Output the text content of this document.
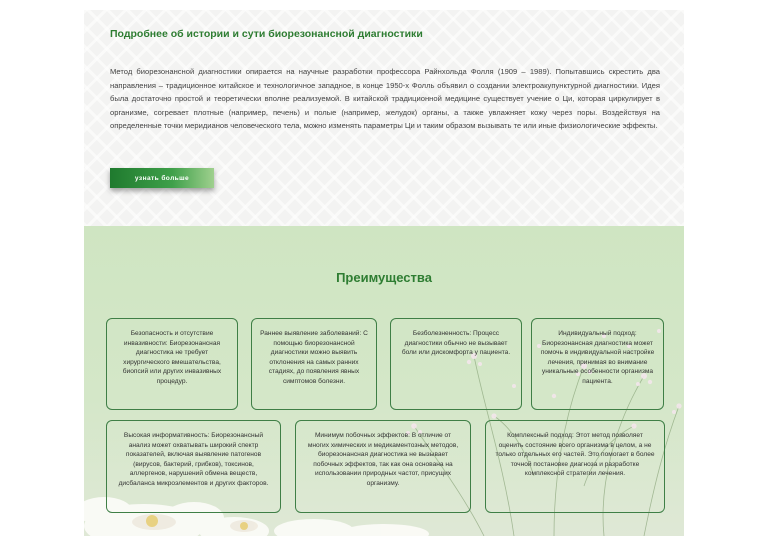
Подробнее об истории и сути биорезонансной диагностики

Метод биорезонансной диагностики опирается на научные разработки профессора Райнхольда Фолля (1909 – 1989). Попытавшись скрестить два направления – традиционное китайское и технологичное западное, в конце 1950-х Фолль объявил о создании электроакупунктурной диагностики. Идея была достаточно простой и теоретически вполне реализуемой. В китайской традиционной медицине существует учение о Ци, которая циркулирует в организме, согревает плотные (например, печень) и полые (например, желудок) органы, а также увлажняет кожу через поры. Воздействуя на определенные точки меридианов человеческого тела, можно изменять параметры Ци и таким образом вызывать те или иные физиологические эффекты.

узнать больше
Преимущества
Безопасность и отсутствие инвазивности: Биорезонансная диагностика не требует хирургического вмешательства, биопсий или других инвазивных процедур.
Раннее выявление заболеваний: С помощью биорезонансной диагностики можно выявить отклонения на самых ранних стадиях, до появления явных симптомов болезни.
Безболезненность: Процесс диагностики обычно не вызывает боли или дискомфорта у пациента.
Индивидуальный подход: Биорезонансная диагностика может помочь в индивидуальной настройке лечения, принимая во внимание уникальные особенности организма пациента.
Высокая информативность: Биорезонансный анализ может охватывать широкий спектр показателей, включая выявление патогенов (вирусов, бактерий, грибков), токсинов, аллергенов, нарушений обмена веществ, дисбаланса микроэлементов и других факторов.
Минимум побочных эффектов: В отличие от многих химических и медикаментозных методов, биорезонансная диагностика не вызывает побочных эффектов, так как она основана на использовании природных частот, присущих организму.
Комплексный подход: Этот метод позволяет оценить состояние всего организма в целом, а не только отдельных его частей. Это помогает в более точной постановке диагноза и разработке комплексной стратегии лечения.
